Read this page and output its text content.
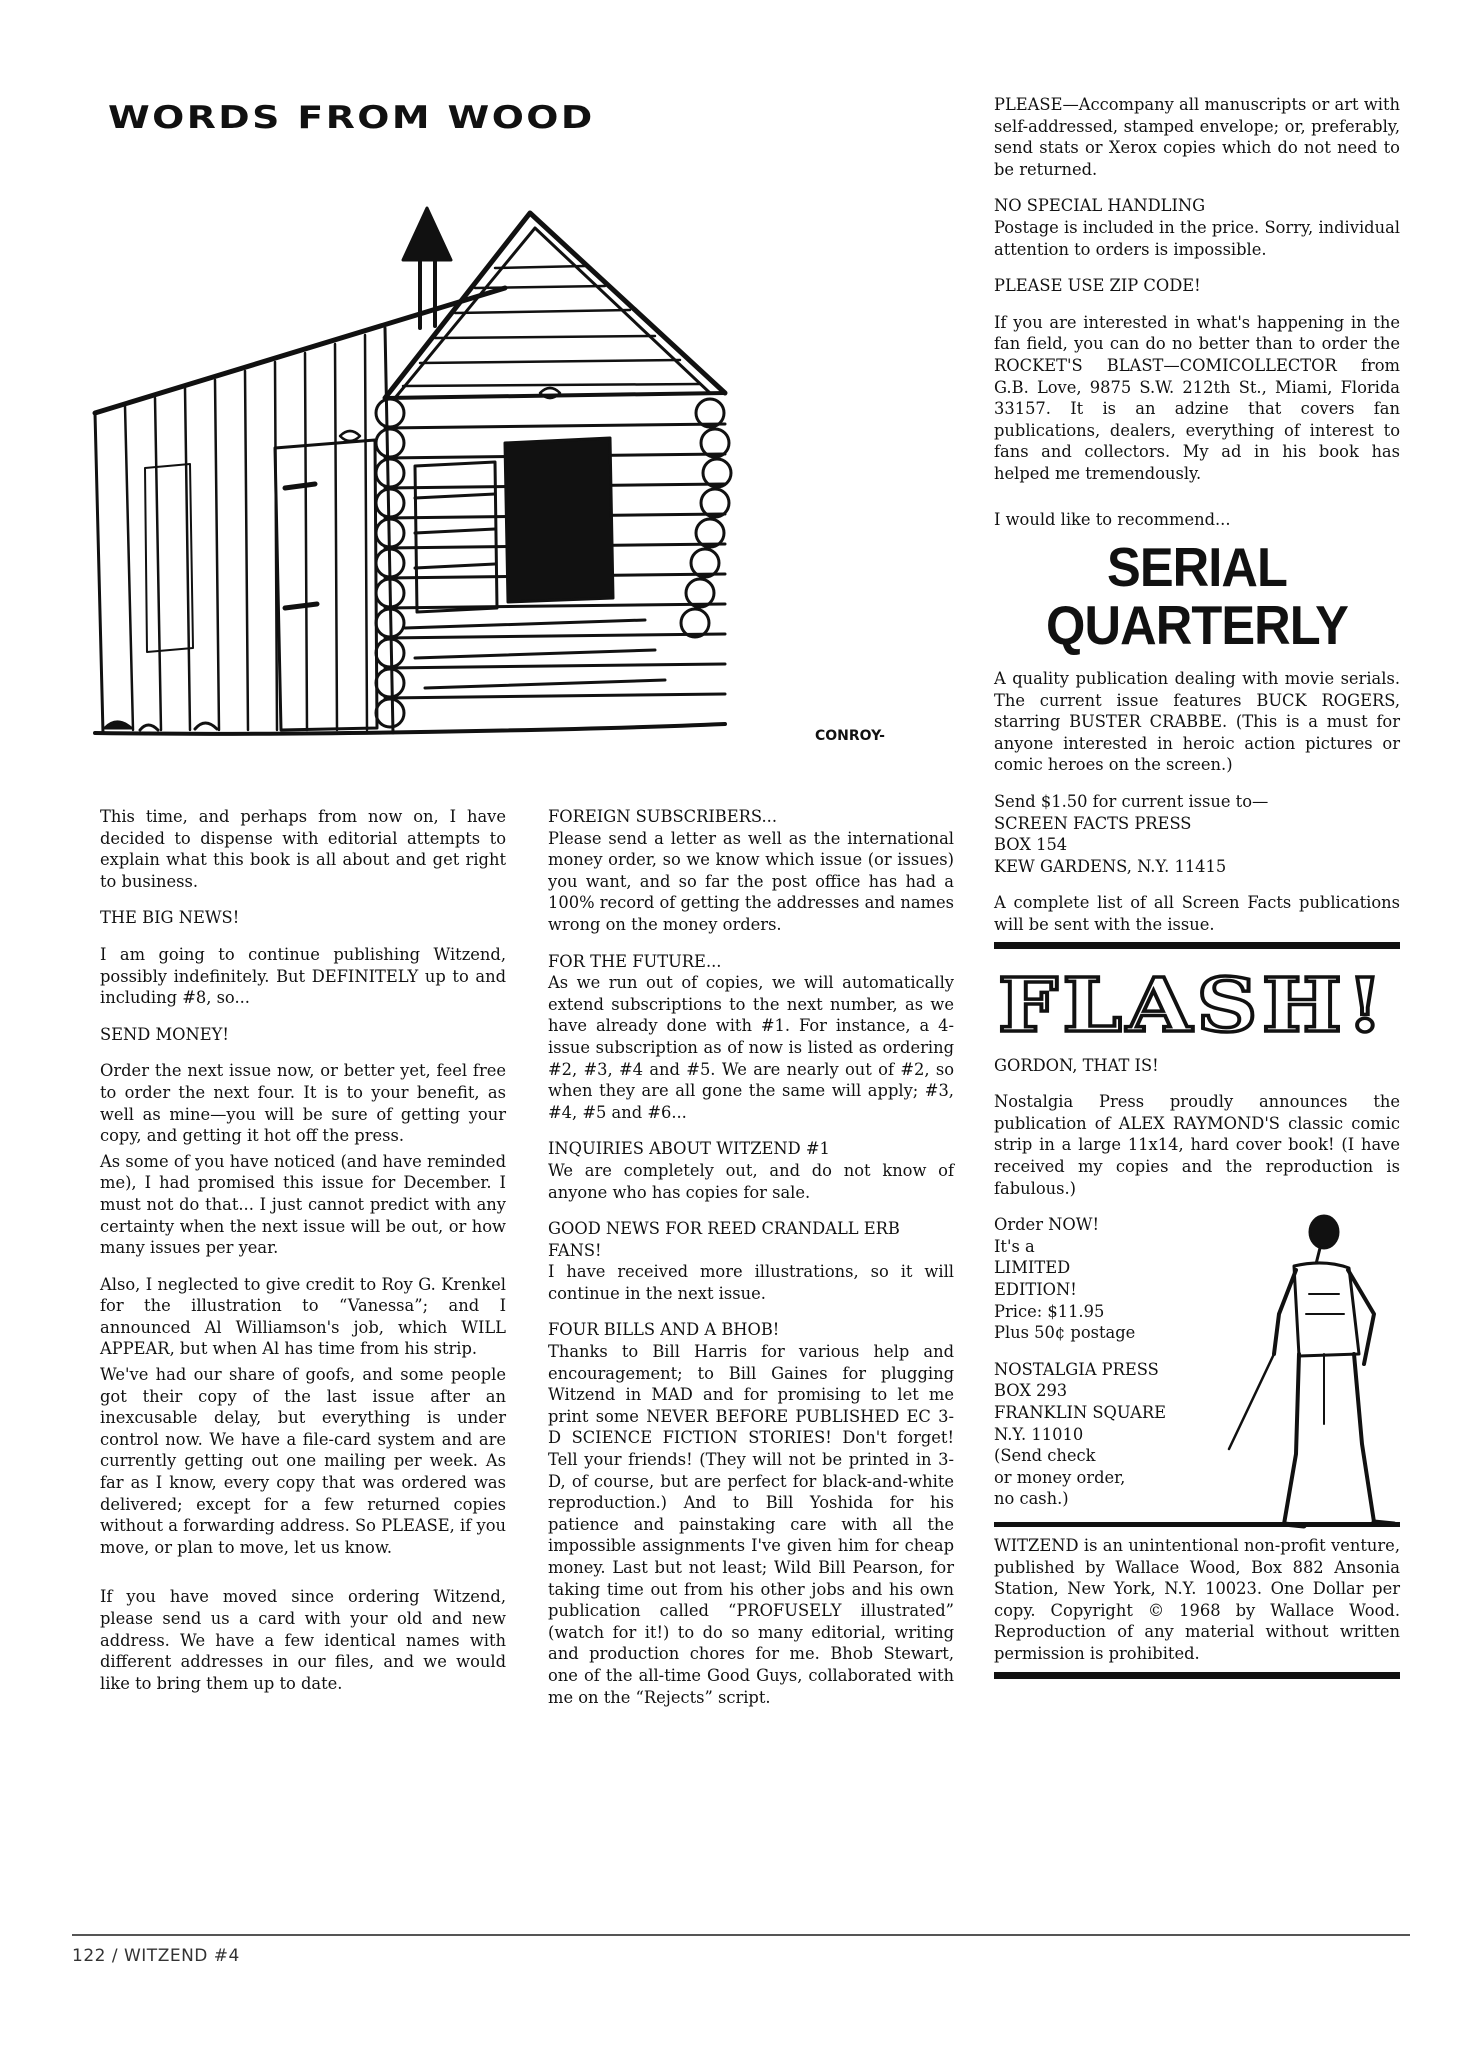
WORDS FROM WOOD
CONROY-

This time, and perhaps from now on, I have decided to dispense with editorial attempts to explain what this book is all about and get right to business.

THE BIG NEWS!

I am going to continue publishing Witzend, possibly indefinitely. But DEFINITELY up to and including #8, so...

SEND MONEY!

Order the next issue now, or better yet, feel free to order the next four. It is to your benefit, as well as mine—you will be sure of getting your copy, and getting it hot off the press.

As some of you have noticed (and have reminded me), I had promised this issue for December. I must not do that... I just cannot predict with any certainty when the next issue will be out, or how many issues per year.

Also, I neglected to give credit to Roy G. Krenkel for the illustration to “Vanessa”; and I announced Al Williamson's job, which WILL APPEAR, but when Al has time from his strip.

We've had our share of goofs, and some people got their copy of the last issue after an inexcusable delay, but everything is under control now. We have a file-card system and are currently getting out one mailing per week. As far as I know, every copy that was ordered was delivered; except for a few returned copies without a forwarding address. So PLEASE, if you move, or plan to move, let us know.

If you have moved since ordering Witzend, please send us a card with your old and new address. We have a few identical names with different addresses in our files, and we would like to bring them up to date.

FOREIGN SUBSCRIBERS...

Please send a letter as well as the international money order, so we know which issue (or issues) you want, and so far the post office has had a 100% record of getting the addresses and names wrong on the money orders.

FOR THE FUTURE...

As we run out of copies, we will automatically extend subscriptions to the next number, as we have already done with #1. For instance, a 4-issue subscription as of now is listed as ordering #2, #3, #4 and #5. We are nearly out of #2, so when they are all gone the same will apply; #3, #4, #5 and #6...

INQUIRIES ABOUT WITZEND #1

We are completely out, and do not know of anyone who has copies for sale.

GOOD NEWS FOR REED CRANDALL ERB FANS!

I have received more illustrations, so it will continue in the next issue.

FOUR BILLS AND A BHOB!

Thanks to Bill Harris for various help and encouragement; to Bill Gaines for plugging Witzend in MAD and for promising to let me print some NEVER BEFORE PUBLISHED EC 3-D SCIENCE FICTION STORIES! Don't forget! Tell your friends! (They will not be printed in 3-D, of course, but are perfect for black-and-white reproduction.) And to Bill Yoshida for his patience and painstaking care with all the impossible assignments I've given him for cheap money. Last but not least; Wild Bill Pearson, for taking time out from his other jobs and his own publication called “PROFUSELY illustrated” (watch for it!) to do so many editorial, writing and production chores for me. Bhob Stewart, one of the all-time Good Guys, collaborated with me on the “Rejects” script.

PLEASE—Accompany all manuscripts or art with self-addressed, stamped envelope; or, preferably, send stats or Xerox copies which do not need to be returned.

NO SPECIAL HANDLING

Postage is included in the price. Sorry, individual attention to orders is impossible.

PLEASE USE ZIP CODE!

If you are interested in what's happening in the fan field, you can do no better than to order the ROCKET'S BLAST—COMICOLLECTOR from G.B. Love, 9875 S.W. 212th St., Miami, Florida 33157. It is an adzine that covers fan publications, dealers, everything of interest to fans and collectors. My ad in his book has helped me tremendously.

I would like to recommend...
SERIAL
QUARTERLY

A quality publication dealing with movie serials. The current issue features BUCK ROGERS, starring BUSTER CRABBE. (This is a must for anyone interested in heroic action pictures or comic heroes on the screen.)

Send $1.50 for current issue to—

SCREEN FACTS PRESS

BOX 154

KEW GARDENS, N.Y. 11415

A complete list of all Screen Facts publications will be sent with the issue.

FLASH!

GORDON, THAT IS!

Nostalgia Press proudly announces the publication of ALEX RAYMOND'S classic comic strip in a large 11x14, hard cover book! (I have received my copies and the reproduction is fabulous.)

Order NOW!
It's a
LIMITED
EDITION!
Price: $11.95
Plus 50¢ postage
NOSTALGIA PRESS
BOX 293
FRANKLIN SQUARE
N.Y. 11010
(Send check
or money order,
no cash.)

WITZEND is an unintentional non-profit venture, published by Wallace Wood, Box 882 Ansonia Station, New York, N.Y. 10023. One Dollar per copy. Copyright © 1968 by Wallace Wood. Reproduction of any material without written permission is prohibited.

122 / WITZEND #4
